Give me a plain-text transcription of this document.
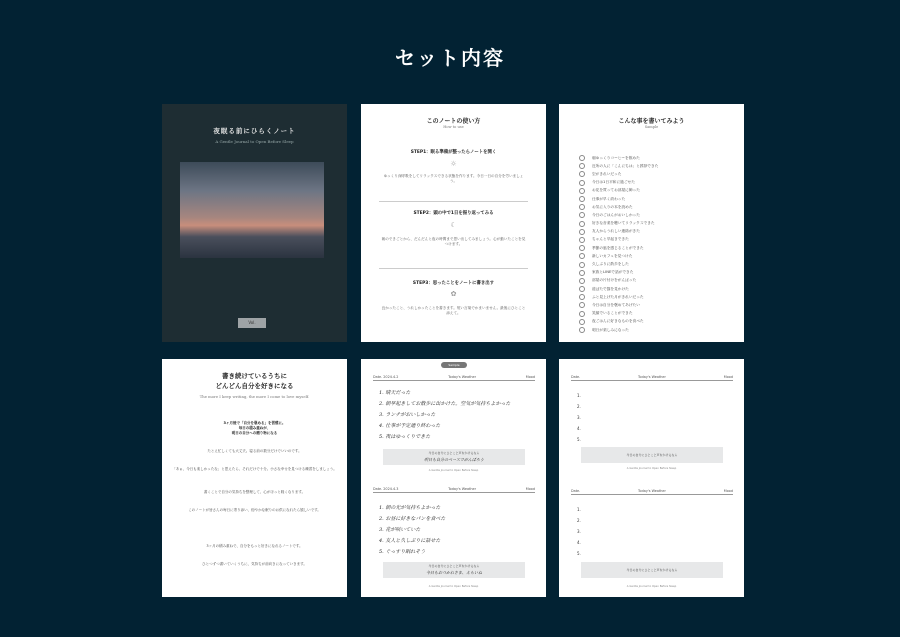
セット内容
夜眠る前にひらくノート
A Gentle Journal to Open Before Sleep
Vol.
このノートの使い方
How to use
STEP1：眠る準備が整ったらノートを開く
☼
ゆっくり深呼吸をしてリラックスできる状態を作ります。今日一日の自分を労いましょう。
STEP2：頭の中で1日を振り返ってみる
☾
朝のできごとから、だんだんと夜の時間まで思い出してみましょう。心が動いたことを見つけます。
STEP3：思ったことをノートに書き出す
✿
良かったこと、うれしかったことを書きます。短い言葉でかまいません。最後にひとこと添えて。
こんな事を書いてみよう
Sample
朝ゆっくりコーヒーを飲めた
近所の人に「こんにちは」と挨拶できた
空がきれいだった
今日は1日平和に過ごせた
お花を買ってお部屋に飾った
仕事が早く終わった
お気に入りの本を読めた
今日のごはんがおいしかった
好きな音楽を聴いてリラックスできた
友人からうれしい連絡がきた
ちゃんと早起きできた
季節の風を感じることができた
新しいカフェを見つけた
久しぶりに散歩をした
家族とLINEで話ができた
部屋の片付けをがんばった
道ばたで猫を見かけた
ふと見上げた月がきれいだった
今日は自分を褒めてあげたい
笑顔でいることができた
夜ごはんに好きなものを食べた
明日が楽しみになった
書き続けているうちに
どんどん自分を好きになる
The more I keep writing, the more I come to love myself.
3ヶ月後で「自分を褒める」を習慣に。
毎日の積み重ねが、
明日の自分への贈り物になる
たとえ忙しくても大丈夫。寝る前の数分だけでいいのです。
「あぁ、今日も楽しかったな」と思えたら、それだけで十分。小さな幸せを見つける練習をしましょう。
書くことで自分の気持ちを整理して、心がほっと軽くなります。
このノートが皆さんの毎日に寄り添い、穏やかな眠りのお供になれたら嬉しいです。
3ヶ月の積み重ねで、自分をもっと好きになれるノートです。
ひとつずつ書いていくうちに、気持ちが前向きになっていきます。
Sample
Date. 2024.4.2	Today's Weather	Mood
1. 晴天だった
2. 朝早起きしてお散歩に出かけた。空気が気持ちよかった
3. ランチがおいしかった
4. 仕事が予定通り終わった
5. 夜はゆっくりできた
今日の自分にひとこと声をかけるなら
明日も自分のペースでがんばろう
A Gentle Journal to Open Before Sleep
Date. 2024.4.3	Today's Weather	Mood
1. 朝の光が気持ちよかった
2. お昼に好きなパンを食べた
3. 花が咲いていた
4. 友人と久しぶりに話せた
5. ぐっすり眠れそう
今日の自分にひとこと声をかけるなら
今日もおつかれさま、えらいね
A Gentle Journal to Open Before Sleep
Date.	Today's Weather	Mood
1.
2.
3.
4.
5.
今日の自分にひとこと声をかけるなら
A Gentle Journal to Open Before Sleep
Date.	Today's Weather	Mood
1.
2.
3.
4.
5.
今日の自分にひとこと声をかけるなら
A Gentle Journal to Open Before Sleep
